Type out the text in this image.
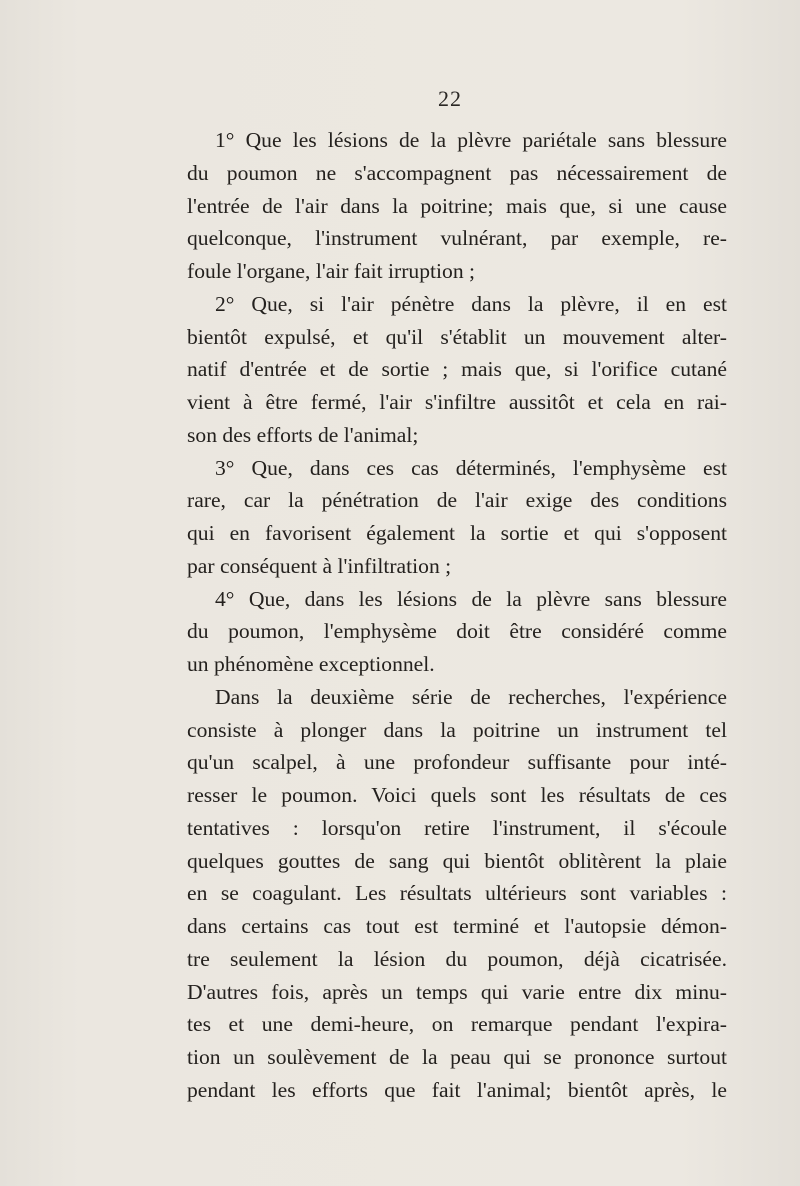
22
1° Que les lésions de la plèvre pariétale sans blessure
du poumon ne s'accompagnent pas nécessairement de
l'entrée de l'air dans la poitrine; mais que, si une cause
quelconque, l'instrument vulnérant, par exemple, re-
foule l'organe, l'air fait irruption ;
2° Que, si l'air pénètre dans la plèvre, il en est
bientôt expulsé, et qu'il s'établit un mouvement alter-
natif d'entrée et de sortie ; mais que, si l'orifice cutané
vient à être fermé, l'air s'infiltre aussitôt et cela en rai-
son des efforts de l'animal;
3° Que, dans ces cas déterminés, l'emphysème est
rare, car la pénétration de l'air exige des conditions
qui en favorisent également la sortie et qui s'opposent
par conséquent à l'infiltration ;
4° Que, dans les lésions de la plèvre sans blessure
du poumon, l'emphysème doit être considéré comme
un phénomène exceptionnel.
Dans la deuxième série de recherches, l'expérience
consiste à plonger dans la poitrine un instrument tel
qu'un scalpel, à une profondeur suffisante pour inté-
resser le poumon. Voici quels sont les résultats de ces
tentatives : lorsqu'on retire l'instrument, il s'écoule
quelques gouttes de sang qui bientôt oblitèrent la plaie
en se coagulant. Les résultats ultérieurs sont variables :
dans certains cas tout est terminé et l'autopsie démon-
tre seulement la lésion du poumon, déjà cicatrisée.
D'autres fois, après un temps qui varie entre dix minu-
tes et une demi-heure, on remarque pendant l'expira-
tion un soulèvement de la peau qui se prononce surtout
pendant les efforts que fait l'animal; bientôt après, le
